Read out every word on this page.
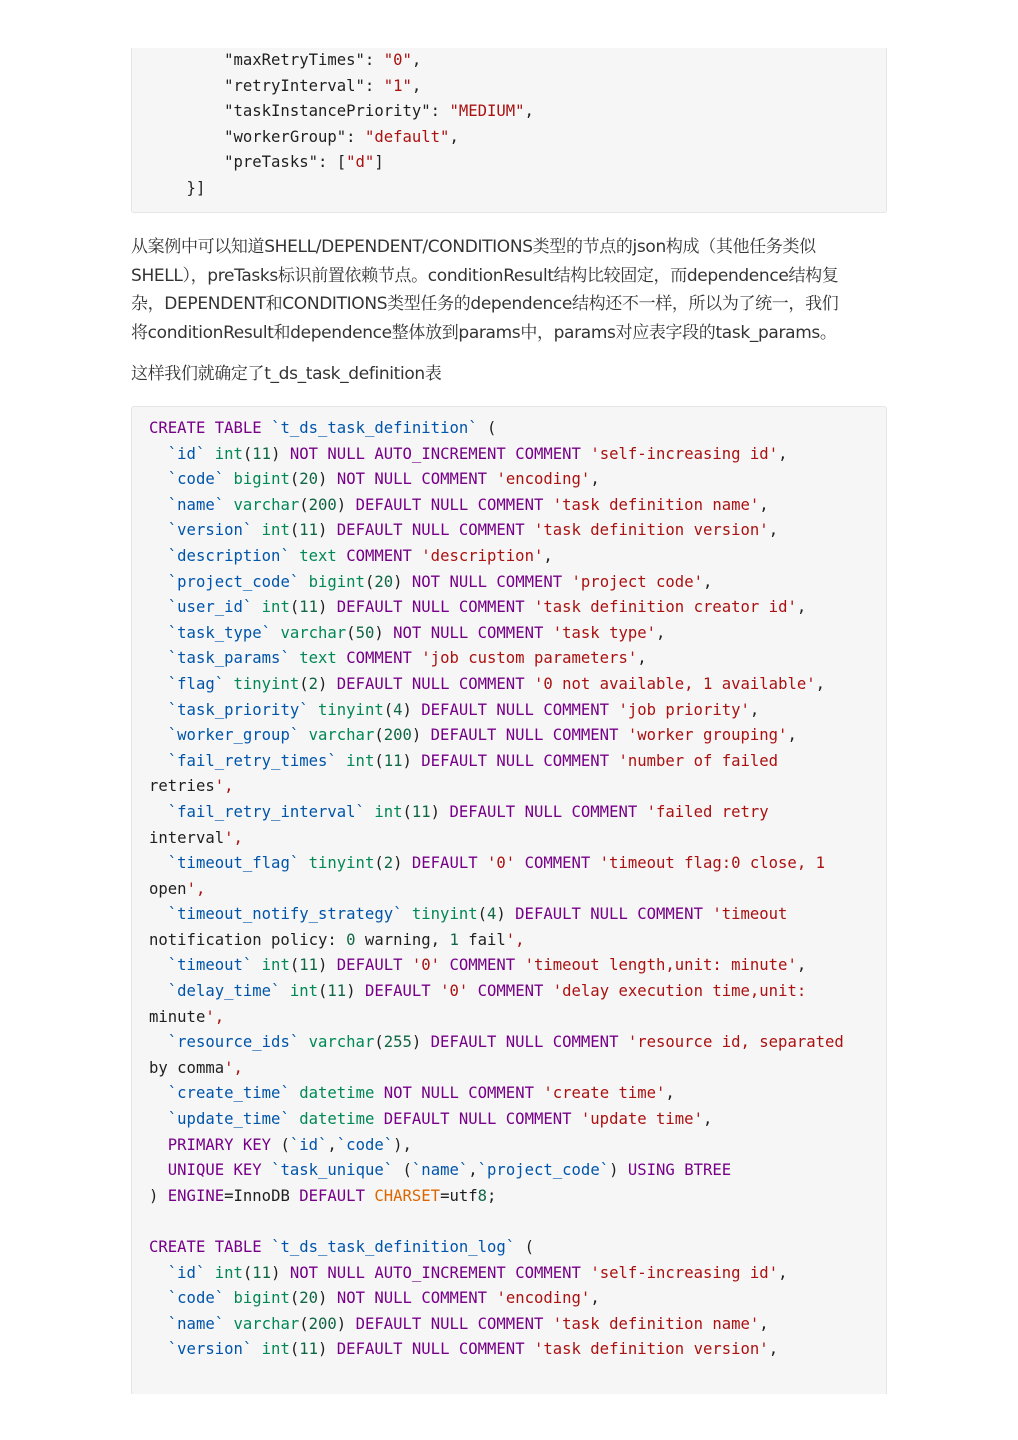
"maxRetryTimes": "0",
"retryInterval": "1",
"taskInstancePriority": "MEDIUM",
"workerGroup": "default",
"preTasks": ["d"]
}]
从案例中可以知道SHELL/DEPENDENT/CONDITIONS类型的节点的json构成（其他任务类似
SHELL），preTasks标识前置依赖节点。conditionResult结构比较固定，而dependence结构复
杂，DEPENDENT和CONDITIONS类型任务的dependence结构还不一样，所以为了统一，我们
将conditionResult和dependence整体放到params中，params对应表字段的task_params。
这样我们就确定了t_ds_task_definition表
CREATE TABLE `t_ds_task_definition` (
`id` int(11) NOT NULL AUTO_INCREMENT COMMENT 'self-increasing id',
`code` bigint(20) NOT NULL COMMENT 'encoding',
`name` varchar(200) DEFAULT NULL COMMENT 'task definition name',
`version` int(11) DEFAULT NULL COMMENT 'task definition version',
`description` text COMMENT 'description',
`project_code` bigint(20) NOT NULL COMMENT 'project code',
`user_id` int(11) DEFAULT NULL COMMENT 'task definition creator id',
`task_type` varchar(50) NOT NULL COMMENT 'task type',
`task_params` text COMMENT 'job custom parameters',
`flag` tinyint(2) DEFAULT NULL COMMENT '0 not available, 1 available',
`task_priority` tinyint(4) DEFAULT NULL COMMENT 'job priority',
`worker_group` varchar(200) DEFAULT NULL COMMENT 'worker grouping',
`fail_retry_times` int(11) DEFAULT NULL COMMENT 'number of failed
retries',
`fail_retry_interval` int(11) DEFAULT NULL COMMENT 'failed retry
interval',
`timeout_flag` tinyint(2) DEFAULT '0' COMMENT 'timeout flag:0 close, 1
open',
`timeout_notify_strategy` tinyint(4) DEFAULT NULL COMMENT 'timeout
notification policy: 0 warning, 1 fail',
`timeout` int(11) DEFAULT '0' COMMENT 'timeout length,unit: minute',
`delay_time` int(11) DEFAULT '0' COMMENT 'delay execution time,unit:
minute',
`resource_ids` varchar(255) DEFAULT NULL COMMENT 'resource id, separated
by comma',
`create_time` datetime NOT NULL COMMENT 'create time',
`update_time` datetime DEFAULT NULL COMMENT 'update time',
PRIMARY KEY (`id`,`code`),
UNIQUE KEY `task_unique` (`name`,`project_code`) USING BTREE
) ENGINE=InnoDB DEFAULT CHARSET=utf8;

CREATE TABLE `t_ds_task_definition_log` (
`id` int(11) NOT NULL AUTO_INCREMENT COMMENT 'self-increasing id',
`code` bigint(20) NOT NULL COMMENT 'encoding',
`name` varchar(200) DEFAULT NULL COMMENT 'task definition name',
`version` int(11) DEFAULT NULL COMMENT 'task definition version',
